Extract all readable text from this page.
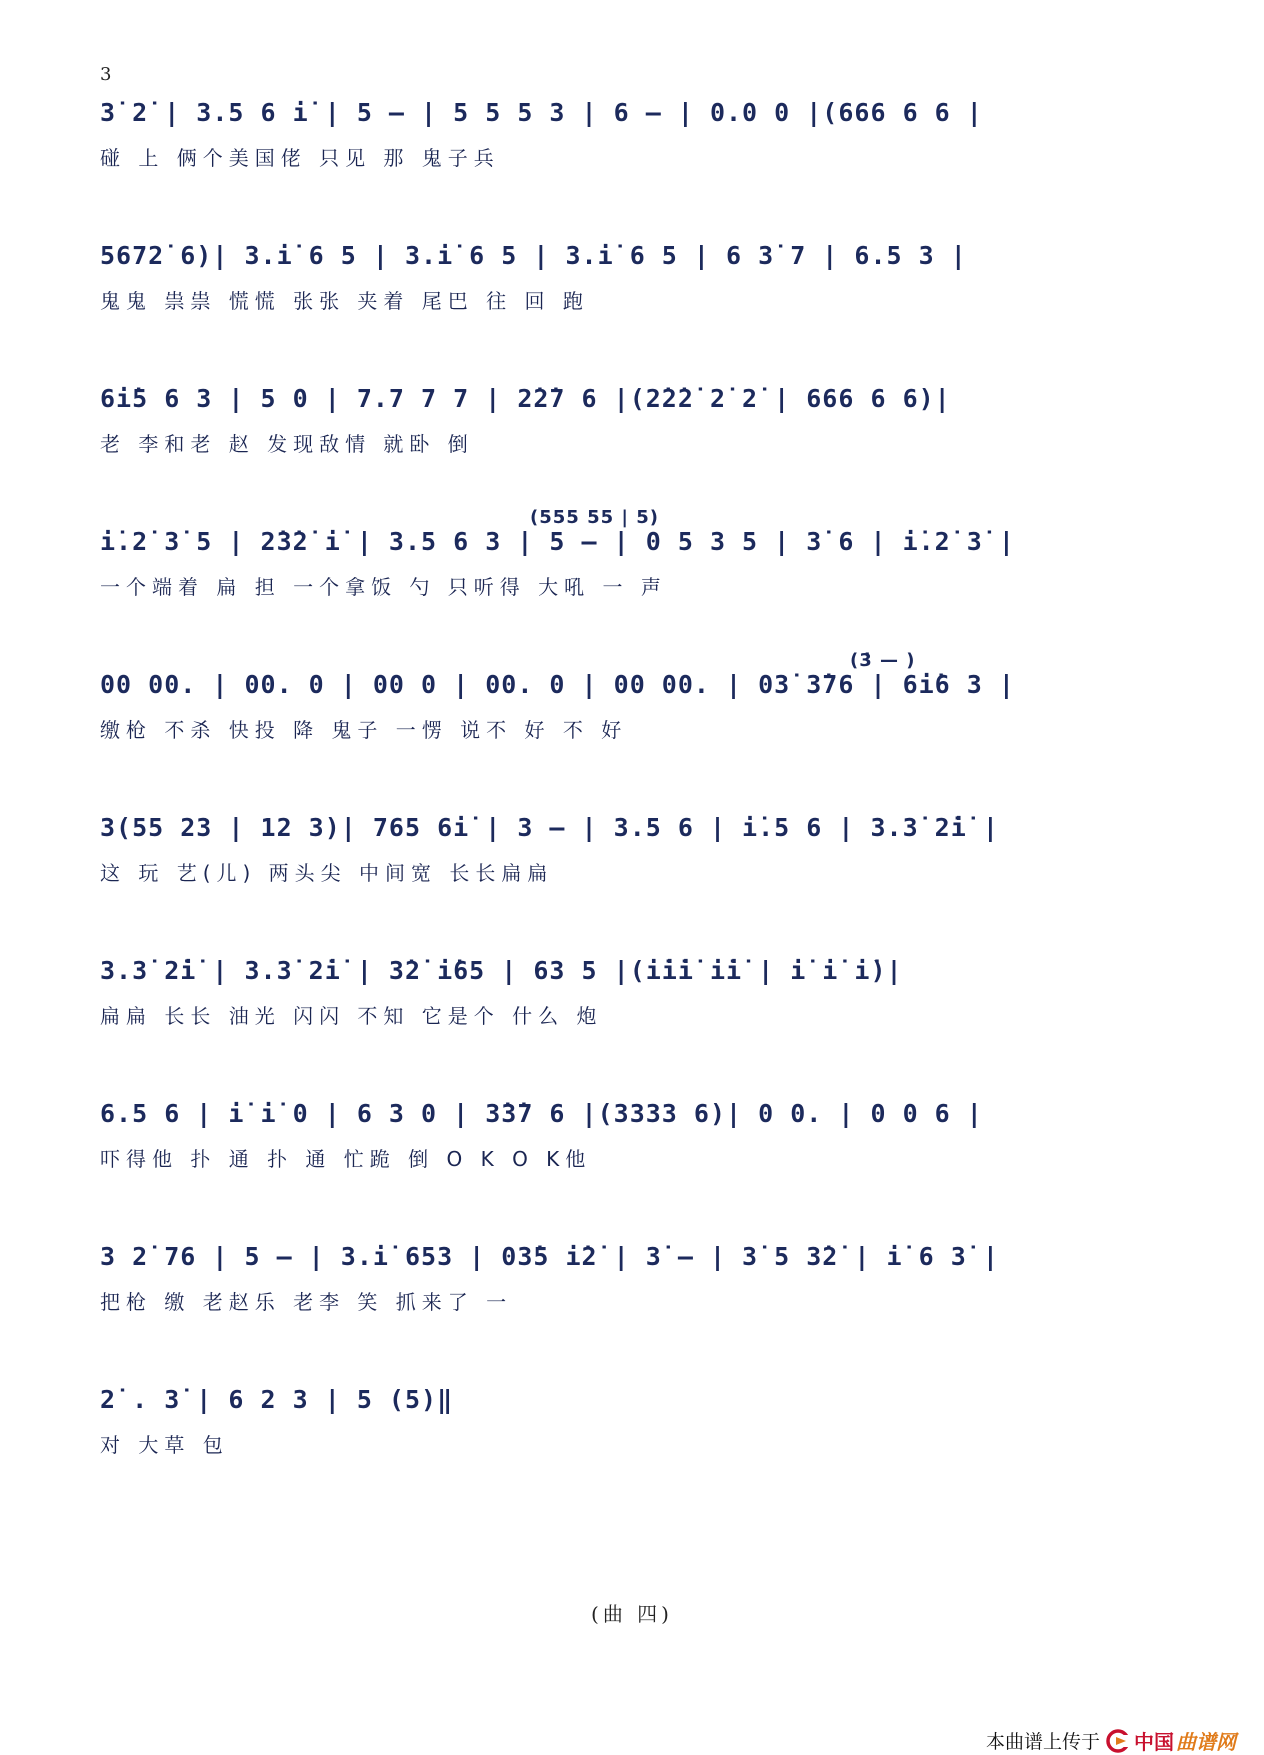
3
3̇ 2̇ | 3.5 6 i̇ | 5 — | 5 5 5 3 | 6 — | 0.0 0 |(666 6 6 |
碰 上 俩个美国佬 只见 那 鬼子兵
5672̇ 6)| 3.i̇ 6 5 | 3.i̇ 6 5 | 3.i̇ 6 5 | 6 3̇ 7 | 6.5 3 |
鬼鬼 祟祟 慌慌 张张 夹着 尾巴 往 回 跑
6i̇5 6 3 | 5 0 | 7.7 7 7 | 2̇2̇7 6 |(2̇2̇2̇ 2̇ 2̇ | 666 6 6)|
老 李和老 赵 发现敌情 就卧 倒
(555 55 | 5)
i̇.2̇ 3̇ 5 | 2̇3̇2̇ i̇ | 3.5 6 3 | 5 — | 0 5 3 5 | 3̇ 6 | i̇.2̇ 3̇ |
一个端着 扁 担 一个拿饭 勺 只听得 大吼 一 声
(3̇ — )
00 00. | 00. 0 | 00 0 | 00. 0 | 00 00. | 03̇ 3̇76 | 6i̇6 3 |
缴枪 不杀 快投 降 鬼子 一愣 说不 好 不 好
3(55 23 | 12 3)| 765 6i̇ | 3 — | 3.5 6 | i̇.5 6 | 3.3̇ 2̇i̇ |
这 玩 艺(儿) 两头尖 中间宽 长长扁扁
3.3̇ 2̇i̇ | 3.3̇ 2̇i̇ | 3̇2̇ i̇65 | 63 5 |(i̇i̇i̇ i̇i̇ | i̇ i̇ i̇)|
扁扁 长长 油光 闪闪 不知 它是个 什么 炮
6.5 6 | i̇ i̇ 0 | 6 3 0 | 3̇3̇7 6 |(3333 6)| 0 0. | 0 0 6 |
吓得他 扑 通 扑 通 忙跪 倒 O K O K他
3 2̇ 76 | 5 — | 3.i̇ 653 | 03̇5 i̇2̇ | 3̇ — | 3̇ 5 3̇2̇ | i̇ 6 3̇ |
把枪 缴 老赵乐 老李 笑 抓来了 一
2̇ . 3̇ | 6 2 3 | 5 (5)‖
对 大草 包
(曲 四)
本曲谱上传于 中国 曲谱网
